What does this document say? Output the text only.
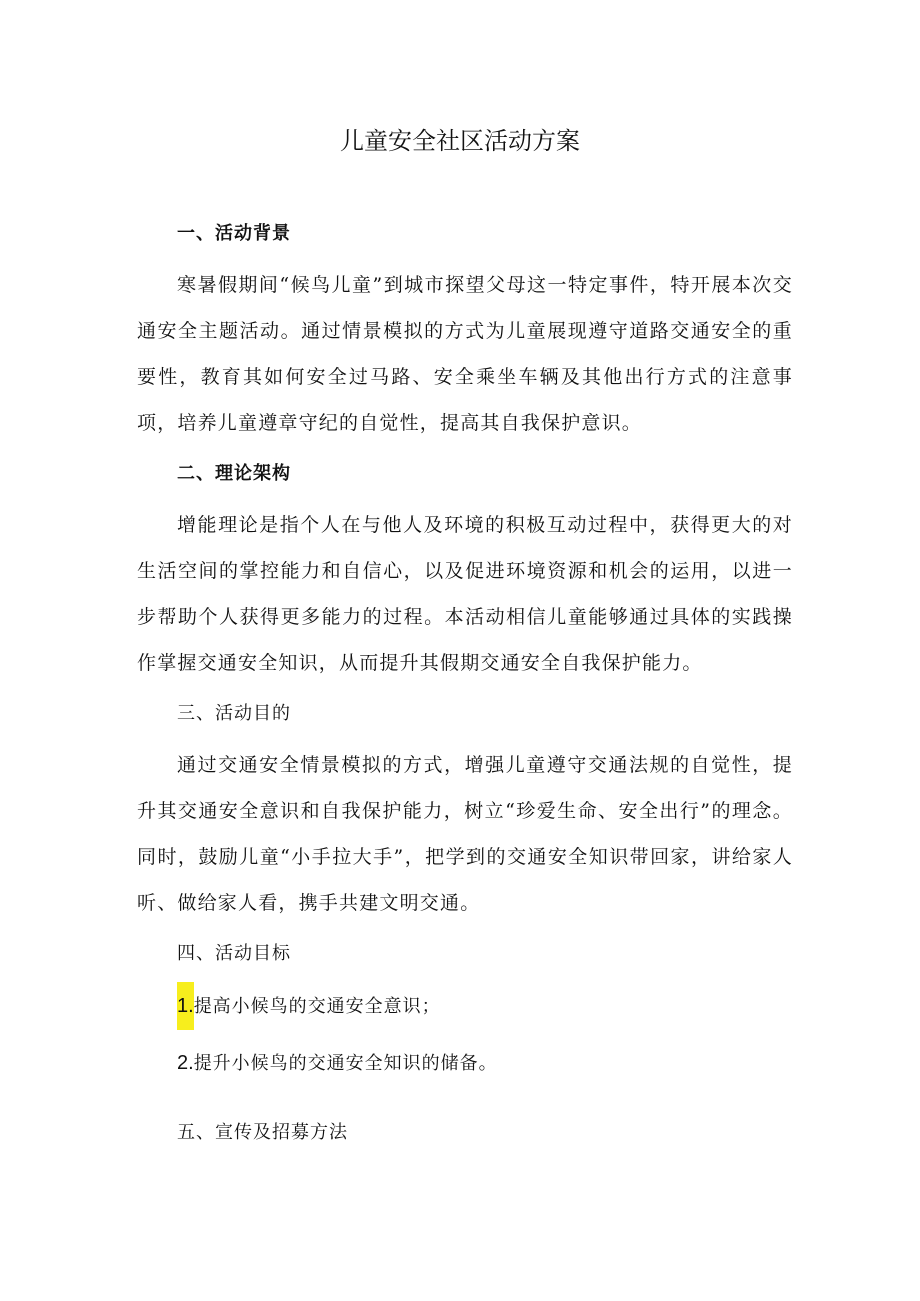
儿童安全社区活动方案

一、活动背景

寒暑假期间“候鸟儿童”到城市探望父母这一特定事件，特开展本次交通安全主题活动。通过情景模拟的方式为儿童展现遵守道路交通安全的重要性，教育其如何安全过马路、安全乘坐车辆及其他出行方式的注意事项，培养儿童遵章守纪的自觉性，提高其自我保护意识。

二、理论架构

增能理论是指个人在与他人及环境的积极互动过程中，获得更大的对生活空间的掌控能力和自信心，以及促进环境资源和机会的运用，以进一步帮助个人获得更多能力的过程。本活动相信儿童能够通过具体的实践操作掌握交通安全知识，从而提升其假期交通安全自我保护能力。

三、活动目的

通过交通安全情景模拟的方式，增强儿童遵守交通法规的自觉性，提升其交通安全意识和自我保护能力，树立“珍爱生命、安全出行”的理念。同时，鼓励儿童“小手拉大手”，把学到的交通安全知识带回家，讲给家人听、做给家人看，携手共建文明交通。

四、活动目标

1.提高小候鸟的交通安全意识；

2.提升小候鸟的交通安全知识的储备。

五、宣传及招募方法
